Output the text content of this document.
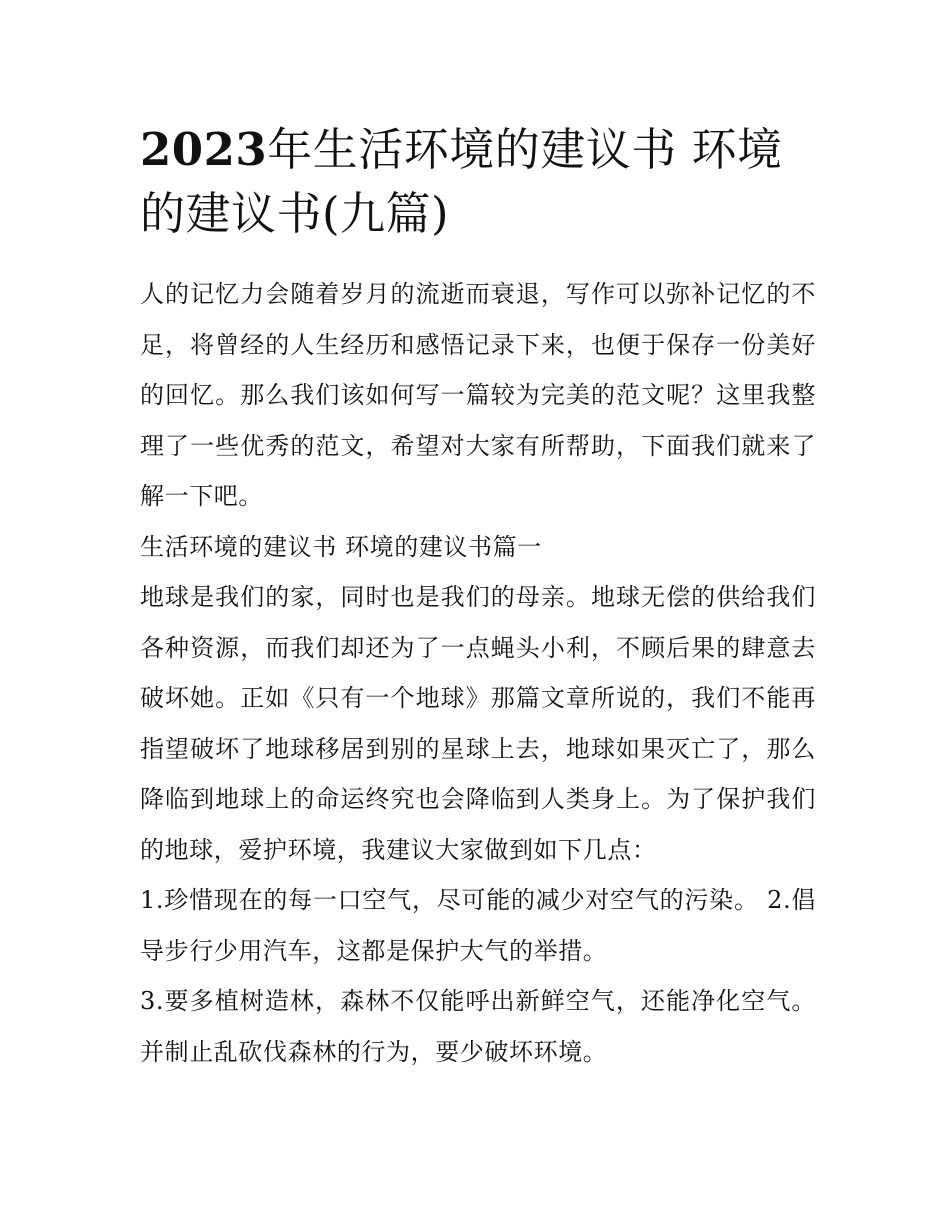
2023年生活环境的建议书 环境的建议书(九篇)

人的记忆力会随着岁月的流逝而衰退，写作可以弥补记忆的不足，将曾经的人生经历和感悟记录下来，也便于保存一份美好的回忆。那么我们该如何写一篇较为完美的范文呢？这里我整理了一些优秀的范文，希望对大家有所帮助，下面我们就来了解一下吧。

生活环境的建议书 环境的建议书篇一

地球是我们的家，同时也是我们的母亲。地球无偿的供给我们各种资源，而我们却还为了一点蝇头小利，不顾后果的肆意去破坏她。正如《只有一个地球》那篇文章所说的，我们不能再指望破坏了地球移居到别的星球上去，地球如果灭亡了，那么降临到地球上的命运终究也会降临到人类身上。为了保护我们的地球，爱护环境，我建议大家做到如下几点：

1.珍惜现在的每一口空气，尽可能的减少对空气的污染。 2.倡导步行少用汽车，这都是保护大气的举措。

3.要多植树造林，森林不仅能呼出新鲜空气，还能净化空气。并制止乱砍伐森林的行为，要少破坏环境。
